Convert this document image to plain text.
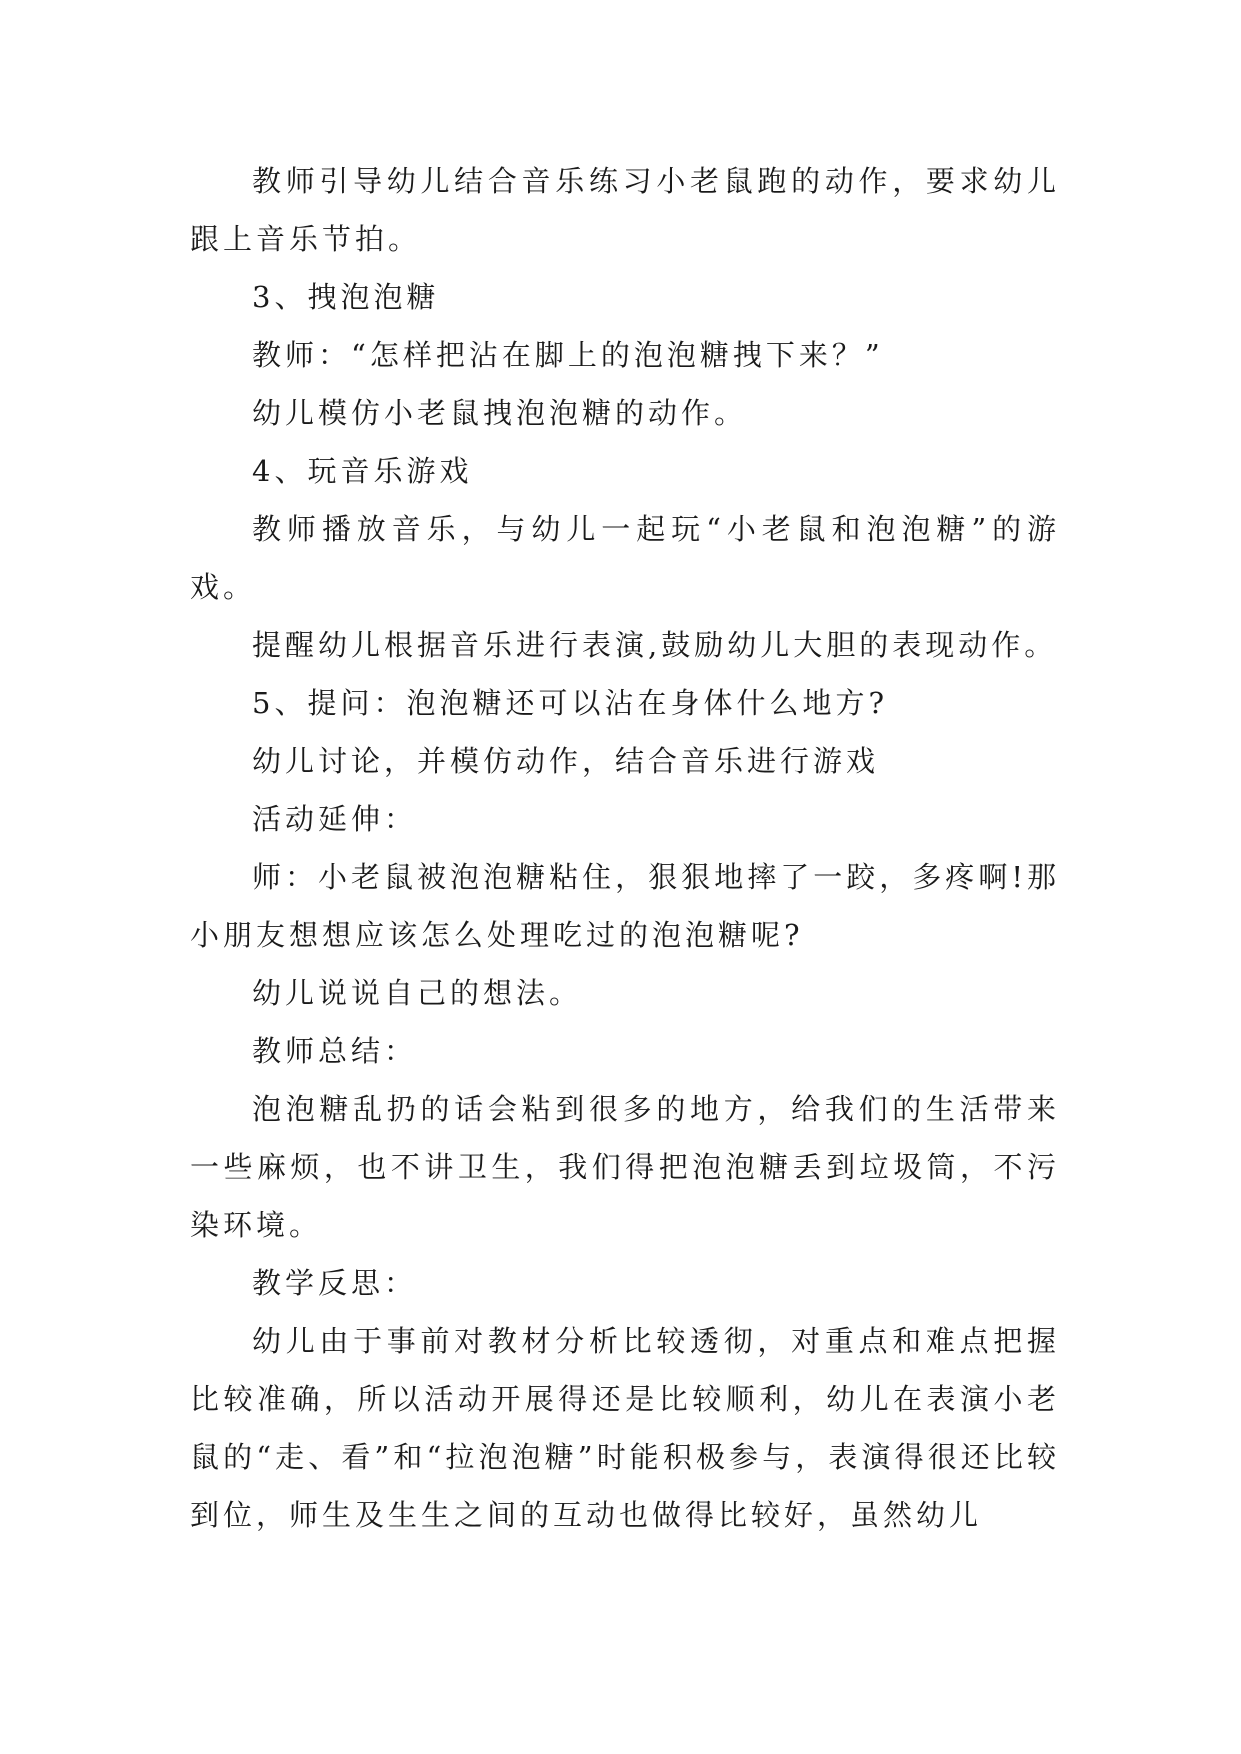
教师引导幼儿结合音乐练习小老鼠跑的动作，要求幼儿跟上音乐节拍。

3、拽泡泡糖

教师：“怎样把沾在脚上的泡泡糖拽下来？”

幼儿模仿小老鼠拽泡泡糖的动作。

4、玩音乐游戏

教师播放音乐，与幼儿一起玩“小老鼠和泡泡糖”的游戏。

提醒幼儿根据音乐进行表演,鼓励幼儿大胆的表现动作。

5、提问：泡泡糖还可以沾在身体什么地方?

幼儿讨论，并模仿动作，结合音乐进行游戏

活动延伸：

师：小老鼠被泡泡糖粘住，狠狠地摔了一跤，多疼啊!那小朋友想想应该怎么处理吃过的泡泡糖呢?

幼儿说说自己的想法。

教师总结：

泡泡糖乱扔的话会粘到很多的地方，给我们的生活带来一些麻烦，也不讲卫生，我们得把泡泡糖丢到垃圾筒，不污染环境。

教学反思：

幼儿由于事前对教材分析比较透彻，对重点和难点把握比较准确，所以活动开展得还是比较顺利，幼儿在表演小老鼠的“走、看”和“拉泡泡糖”时能积极参与，表演得很还比较到位，师生及生生之间的互动也做得比较好，虽然幼儿
